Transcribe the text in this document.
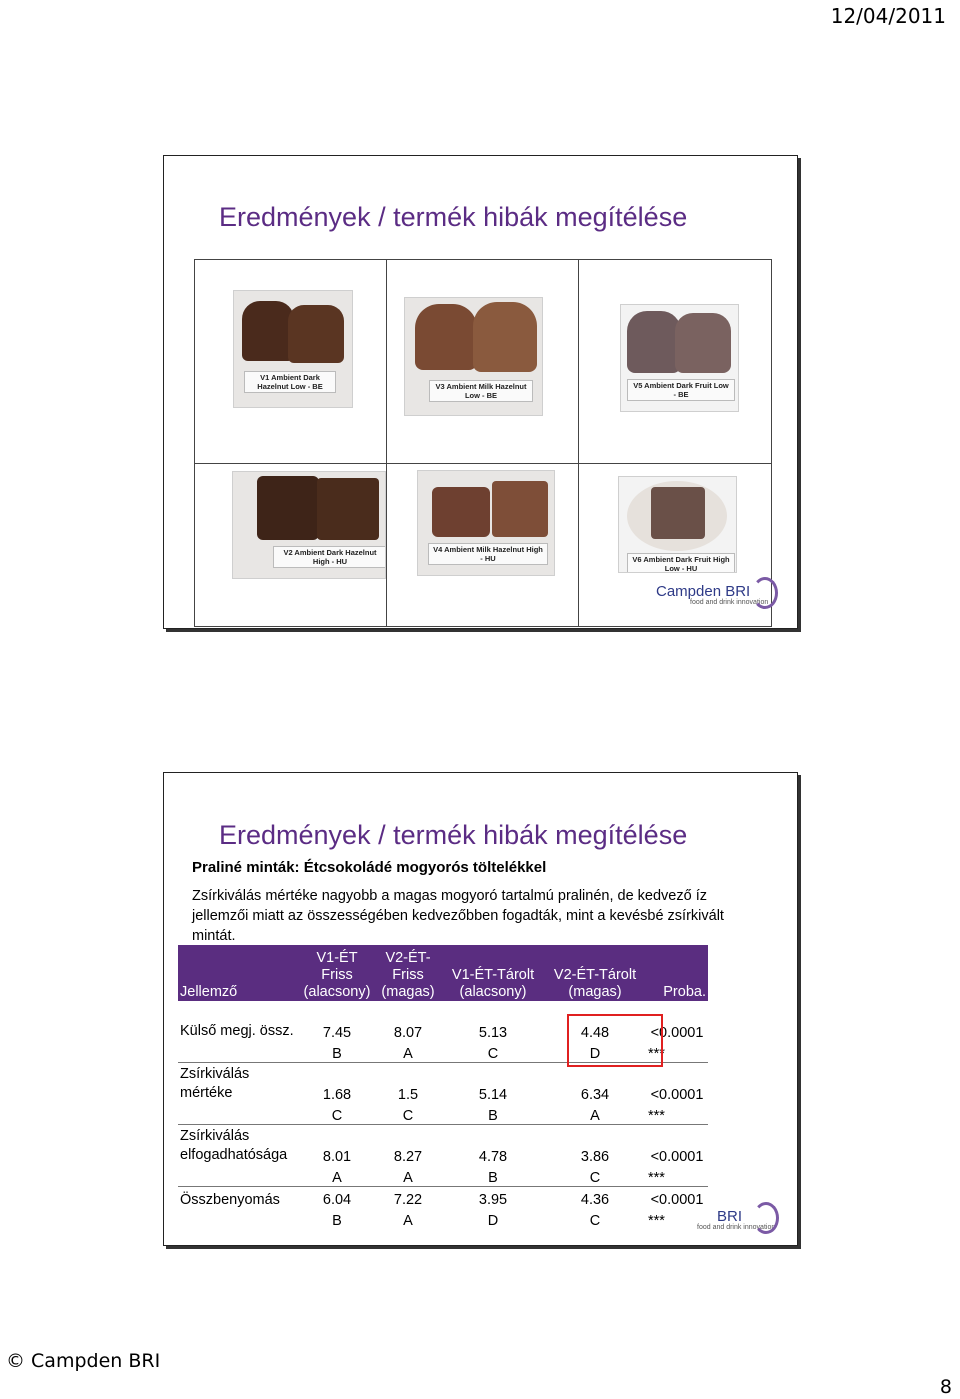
12/04/2011
Eredmények / termék hibák megítélése
V1 Ambient Dark Hazelnut Low - BE	V3 Ambient Milk Hazelnut Low - BE
V5 Ambient Dark Fruit Low - BE
V2 Ambient Dark Hazelnut High - HU
V4 Ambient Milk Hazelnut High - HU	V6 Ambient Dark Fruit High Low - HU
Campden BRI
food and drink innovation
Eredmények / termék hibák megítélése
Praliné minták: Étcsokoládé mogyorós töltelékkel
Zsírkiválás mértéke nagyobb a magas mogyoró tartalmú pralinén, de kedvező íz jellemzői miatt az összességében kedvezőbben fogadták, mint a kevésbé zsírkivált mintát.
Jellemző	V1-ÉT Friss (alacsony)	V2-ÉT- Friss (magas)	V1-ÉT-Tárolt (alacsony)	V2-ÉT-Tárolt (magas)	Proba.
Külső megj. össz.	7.45	8.07	5.13	4.48	<0.0001
	B	A	C	D	***
Zsírkiválás mértéke	1.68	1.5	5.14	6.34	<0.0001
	C	C	B	A	***
Zsírkiválás elfogadhatósága	8.01	8.27	4.78	3.86	<0.0001
	A	A	B	C	***
Összbenyomás	6.04	7.22	3.95	4.36	<0.0001
	B	A	D	C	***	BRI
food and drink innovation
© Campden BRI
8
